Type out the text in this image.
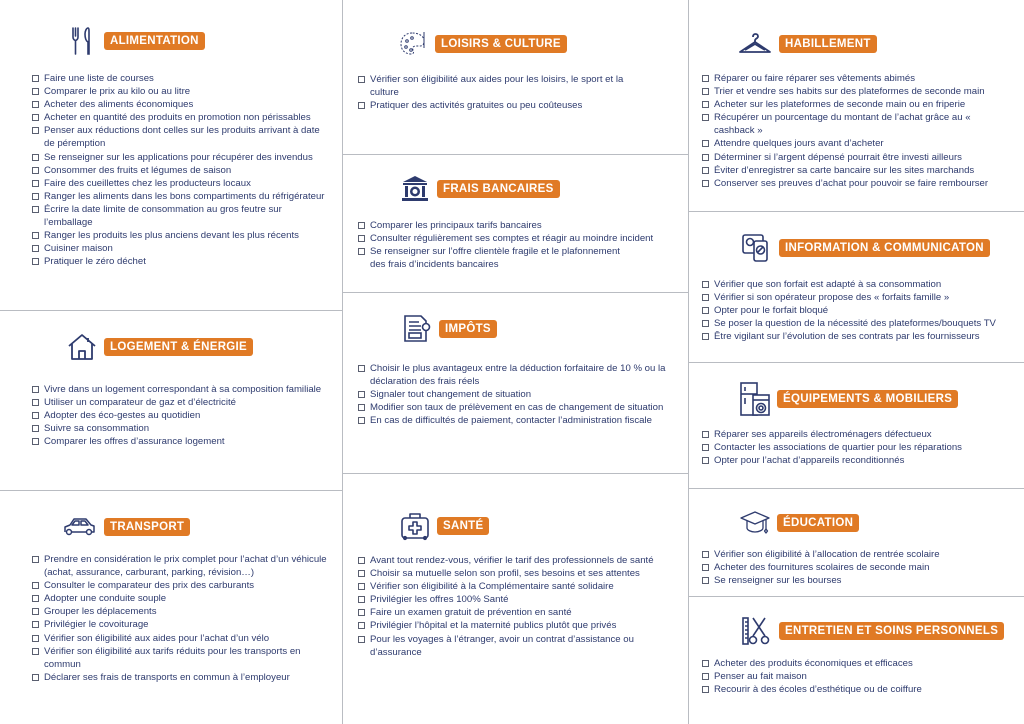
ALIMENTATION
Faire une liste de courses
Comparer le prix au kilo ou au litre
Acheter des aliments économiques
Acheter en quantité des produits en promotion non périssables
Penser aux réductions dont celles sur les produits arrivant à date de péremption
Se renseigner sur les applications pour récupérer des invendus
Consommer des fruits et légumes de saison
Faire des cueillettes chez les producteurs locaux
Ranger les aliments dans les bons compartiments du réfrigérateur
Écrire la date limite de consommation au gros feutre sur l’emballage
Ranger les produits les plus anciens devant les plus récents
Cuisiner maison
Pratiquer le zéro déchet
LOGEMENT & ÉNERGIE
Vivre dans un logement correspondant à sa composition familiale
Utiliser un comparateur de gaz et d’électricité
Adopter des éco-gestes au quotidien
Suivre sa consommation
Comparer les offres d’assurance logement
TRANSPORT
Prendre en considération le prix complet pour l’achat d’un véhicule (achat, assurance, carburant, parking, révision…)
Consulter le comparateur des prix des carburants
Adopter une conduite souple
Grouper les déplacements
Privilégier le covoiturage
Vérifier son éligibilité aux aides pour l’achat d’un vélo
Vérifier son éligibilité aux tarifs réduits pour les transports en commun
Déclarer ses frais de transports en commun à l’employeur
LOISIRS & CULTURE
Vérifier son éligibilité aux aides pour les loisirs, le sport et la culture
Pratiquer des activités gratuites ou peu coûteuses
FRAIS BANCAIRES
Comparer les principaux tarifs bancaires
Consulter régulièrement ses comptes et réagir au moindre incident
Se renseigner sur l’offre clientèle fragile et le plafonnement des frais d’incidents bancaires
IMPÔTS
Choisir le plus avantageux entre la déduction forfaitaire de 10 % ou la déclaration des frais réels
Signaler tout changement de situation
Modifier son taux de prélèvement en cas de changement de situation
En cas de difficultés de paiement, contacter l’administration fiscale
SANTÉ
Avant tout rendez-vous, vérifier le tarif des professionnels de santé
Choisir sa mutuelle selon son profil, ses besoins et ses attentes
Vérifier son éligibilité à la Complémentaire santé solidaire
Privilégier les offres 100% Santé
Faire un examen gratuit de prévention en santé
Privilégier l’hôpital et la maternité publics plutôt que privés
Pour les voyages à l’étranger, avoir un contrat d’assistance ou d’assurance
HABILLEMENT
Réparer ou faire réparer ses vêtements abimés
Trier et vendre ses habits sur des plateformes de seconde main
Acheter sur les plateformes de seconde main ou en friperie
Récupérer un pourcentage du montant de l’achat grâce au « cashback »
Attendre quelques jours avant d’acheter
Déterminer si l’argent dépensé pourrait être investi ailleurs
Éviter d’enregistrer sa carte bancaire sur les sites marchands
Conserver ses preuves d’achat pour pouvoir se faire rembourser
INFORMATION & COMMUNICATON
Vérifier que son forfait est adapté à sa consommation
Vérifier si son opérateur propose des « forfaits famille »
Opter pour le forfait bloqué
Se poser la question de la nécessité des plateformes/bouquets TV
Être vigilant sur l’évolution de ses contrats par les fournisseurs
ÉQUIPEMENTS & MOBILIERS
Réparer ses appareils électroménagers défectueux
Contacter les associations de quartier pour les réparations
Opter pour l’achat d’appareils reconditionnés
ÉDUCATION
Vérifier son éligibilité à l’allocation de rentrée scolaire
Acheter des fournitures scolaires de seconde main
Se renseigner sur les bourses
ENTRETIEN ET SOINS PERSONNELS
Acheter des produits économiques et efficaces
Penser au fait maison
Recourir à des écoles d’esthétique ou de coiffure
